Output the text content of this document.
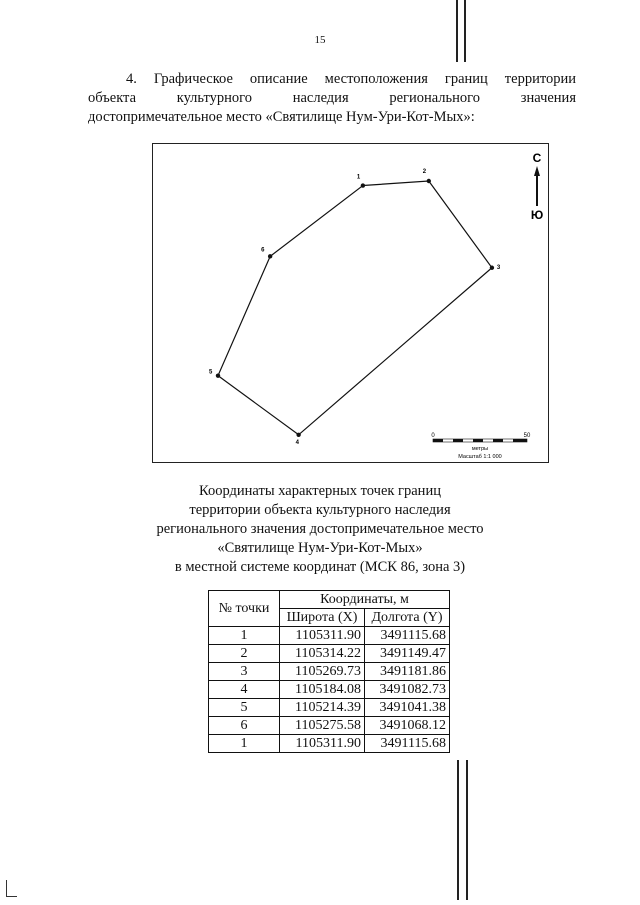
15
4. Графическое описание местоположения границ территории
объекта культурного наследия регионального значения
достопримечательное место «Святилище Нум-Ури-Кот-Мых»:
1
2
3
4
5
6
С
Ю
0	50
метры
Масштаб 1:1 000
Координаты характерных точек границ
территории объекта культурного наследия
регионального значения достопримечательное место
«Святилище Нум-Ури-Кот-Мых»
в местной системе координат (МСК 86, зона 3)
№ точки	Координаты, м	
	Широта (X)	Долгота (Y)
1	1105311.90	3491115.68
2	1105314.22	3491149.47
3	1105269.73	3491181.86
4	1105184.08	3491082.73
5	1105214.39	3491041.38
6	1105275.58	3491068.12
1	1105311.90	3491115.68
